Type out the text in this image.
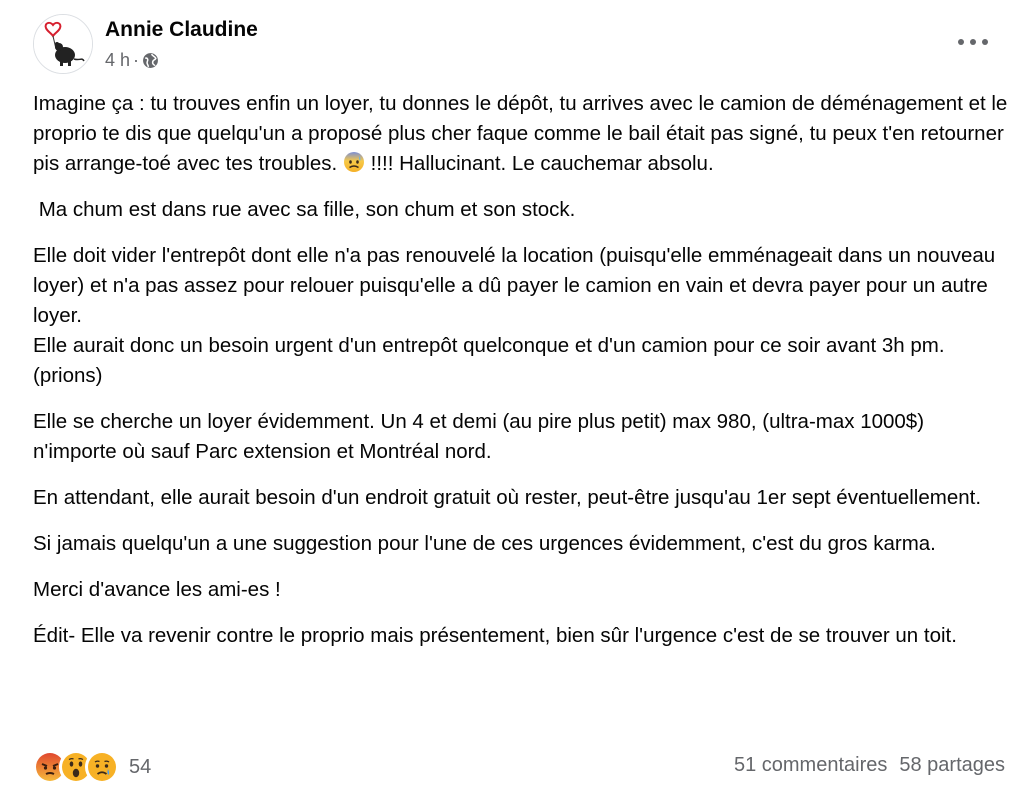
Annie Claudine
4 h ·

Imagine ça : tu trouves enfin un loyer, tu donnes le dépôt, tu arrives avec le camion de déménagement et le proprio te dis que quelqu'un a proposé plus cher faque comme le bail était pas signé, tu peux t'en retourner pis arrange-toé avec tes troubles.  !!!! Hallucinant. Le cauchemar absolu.

Ma chum est dans rue avec sa fille, son chum et son stock.

Elle doit vider l'entrepôt dont elle n'a pas renouvelé la location (puisqu'elle emménageait dans un nouveau loyer) et n'a pas assez pour relouer puisqu'elle a dû payer le camion en vain et devra payer pour un autre loyer.
Elle aurait donc un besoin urgent d'un entrepôt quelconque et d'un camion pour ce soir avant 3h pm. (prions)

Elle se cherche un loyer évidemment. Un 4 et demi (au pire plus petit) max 980, (ultra-max 1000$) n'importe où sauf Parc extension et Montréal nord.

En attendant, elle aurait besoin d'un endroit gratuit où rester, peut-être jusqu'au 1er sept éventuellement.

Si jamais quelqu'un a une suggestion pour l'une de ces urgences évidemment, c'est du gros karma.

Merci d'avance les ami-es !

Édit- Elle va revenir contre le proprio mais présentement, bien sûr l'urgence c'est de se trouver un toit.

54	51 commentaires 58 partages
